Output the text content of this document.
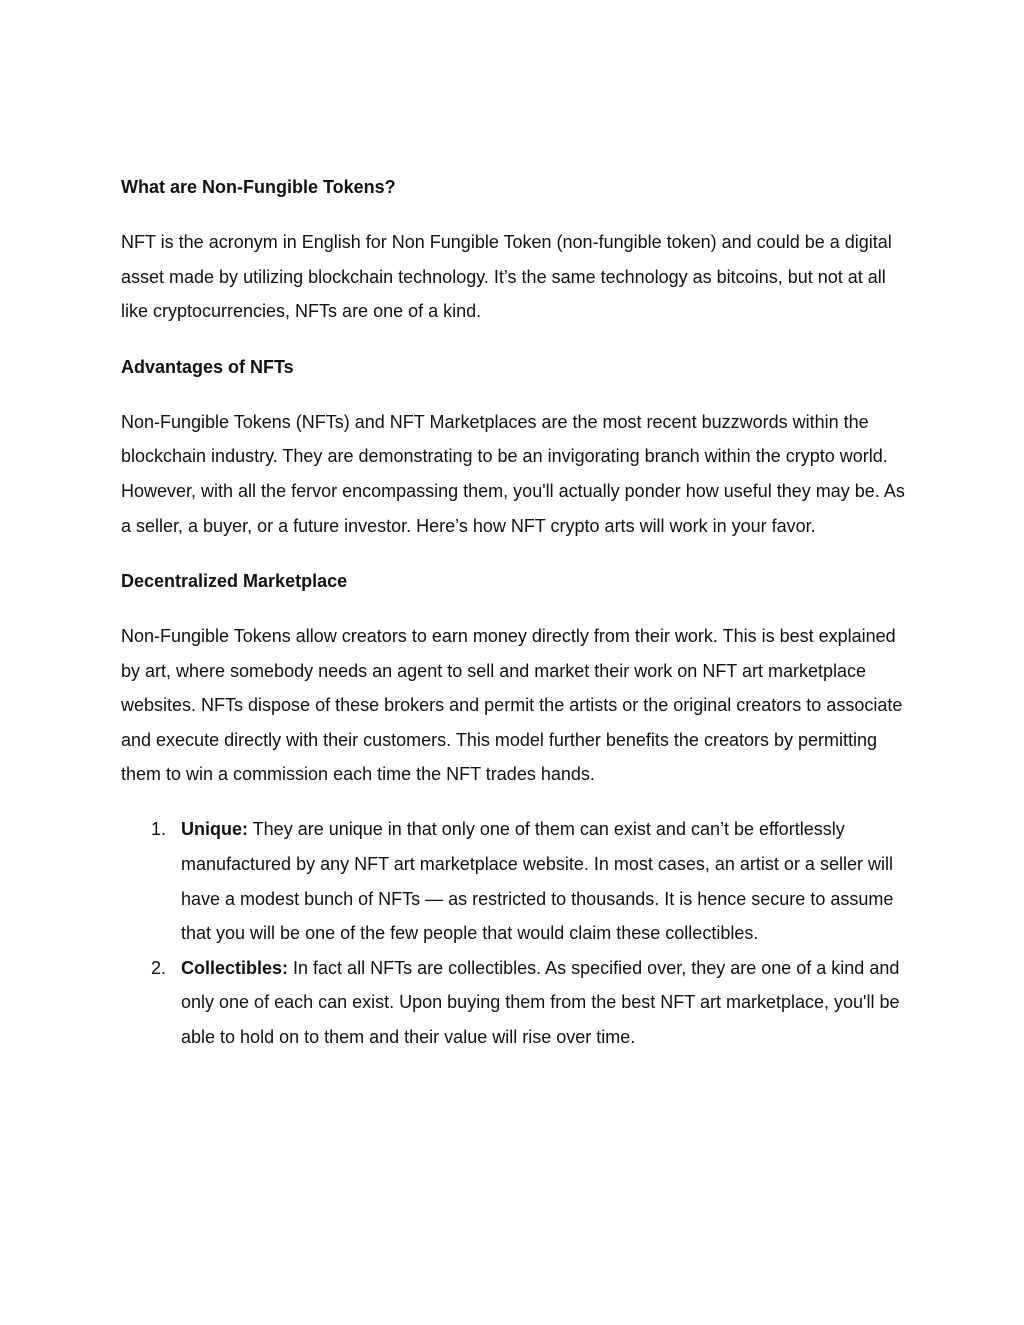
What are Non-Fungible Tokens?
NFT is the acronym in English for Non Fungible Token (non-fungible token) and could be a digital asset made by utilizing blockchain technology. It’s the same technology as bitcoins, but not at all like cryptocurrencies, NFTs are one of a kind.
Advantages of NFTs
Non-Fungible Tokens (NFTs) and NFT Marketplaces are the most recent buzzwords within the blockchain industry. They are demonstrating to be an invigorating branch within the crypto world. However, with all the fervor encompassing them, you'll actually ponder how useful they may be. As a seller, a buyer, or a future investor. Here’s how NFT crypto arts will work in your favor.
Decentralized Marketplace
Non-Fungible Tokens allow creators to earn money directly from their work. This is best explained by art, where somebody needs an agent to sell and market their work on NFT art marketplace websites. NFTs dispose of these brokers and permit the artists or the original creators to associate and execute directly with their customers. This model further benefits the creators by permitting them to win a commission each time the NFT trades hands.
1. Unique: They are unique in that only one of them can exist and can’t be effortlessly manufactured by any NFT art marketplace website. In most cases, an artist or a seller will have a modest bunch of NFTs — as restricted to thousands. It is hence secure to assume that you will be one of the few people that would claim these collectibles.
2. Collectibles: In fact all NFTs are collectibles. As specified over, they are one of a kind and only one of each can exist. Upon buying them from the best NFT art marketplace, you'll be able to hold on to them and their value will rise over time.
